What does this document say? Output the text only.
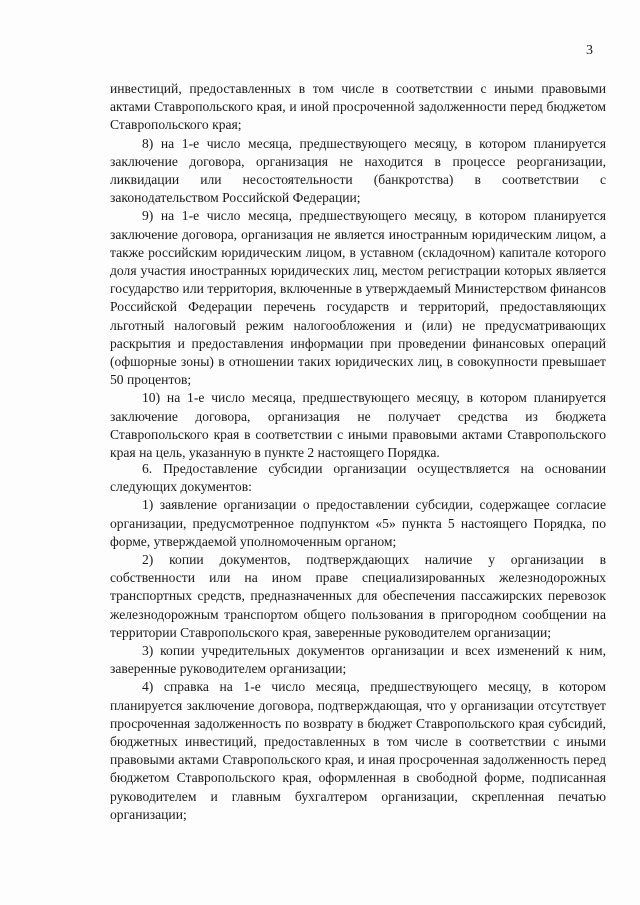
3

инвестиций, предоставленных в том числе в соответствии с иными правовыми актами Ставропольского края, и иной просроченной задолженности перед бюджетом Ставропольского края;

8) на 1-е число месяца, предшествующего месяцу, в котором планируется заключение договора, организация не находится в процессе реорганизации, ликвидации или несостоятельности (банкротства) в соответствии с законодательством Российской Федерации;

9) на 1-е число месяца, предшествующего месяцу, в котором планируется заключение договора, организация не является иностранным юридическим лицом, а также российским юридическим лицом, в уставном (складочном) капитале которого доля участия иностранных юридических лиц, местом регистрации которых является государство или территория, включенные в утверждаемый Министерством финансов Российской Федерации перечень государств и территорий, предоставляющих льготный налоговый режим налогообложения и (или) не предусматривающих раскрытия и предоставления информации при проведении финансовых операций (офшорные зоны) в отношении таких юридических лиц, в совокупности превышает 50 процентов;

10) на 1-е число месяца, предшествующего месяцу, в котором планируется заключение договора, организация не получает средства из бюджета Ставропольского края в соответствии с иными правовыми актами Ставропольского края на цель, указанную в пункте 2 настоящего Порядка.

6. Предоставление субсидии организации осуществляется на основании следующих документов:

1) заявление организации о предоставлении субсидии, содержащее согласие организации, предусмотренное подпунктом «5» пункта 5 настоящего Порядка, по форме, утверждаемой уполномоченным органом;

2) копии документов, подтверждающих наличие у организации в собственности или на ином праве специализированных железнодорожных транспортных средств, предназначенных для обеспечения пассажирских перевозок железнодорожным транспортом общего пользования в пригородном сообщении на территории Ставропольского края, заверенные руководителем организации;

3) копии учредительных документов организации и всех изменений к ним, заверенные руководителем организации;

4) справка на 1-е число месяца, предшествующего месяцу, в котором планируется заключение договора, подтверждающая, что у организации отсутствует просроченная задолженность по возврату в бюджет Ставропольского края субсидий, бюджетных инвестиций, предоставленных в том числе в соответствии с иными правовыми актами Ставропольского края, и иная просроченная задолженность перед бюджетом Ставропольского края, оформленная в свободной форме, подписанная руководителем и главным бухгалтером организации, скрепленная печатью организации;
